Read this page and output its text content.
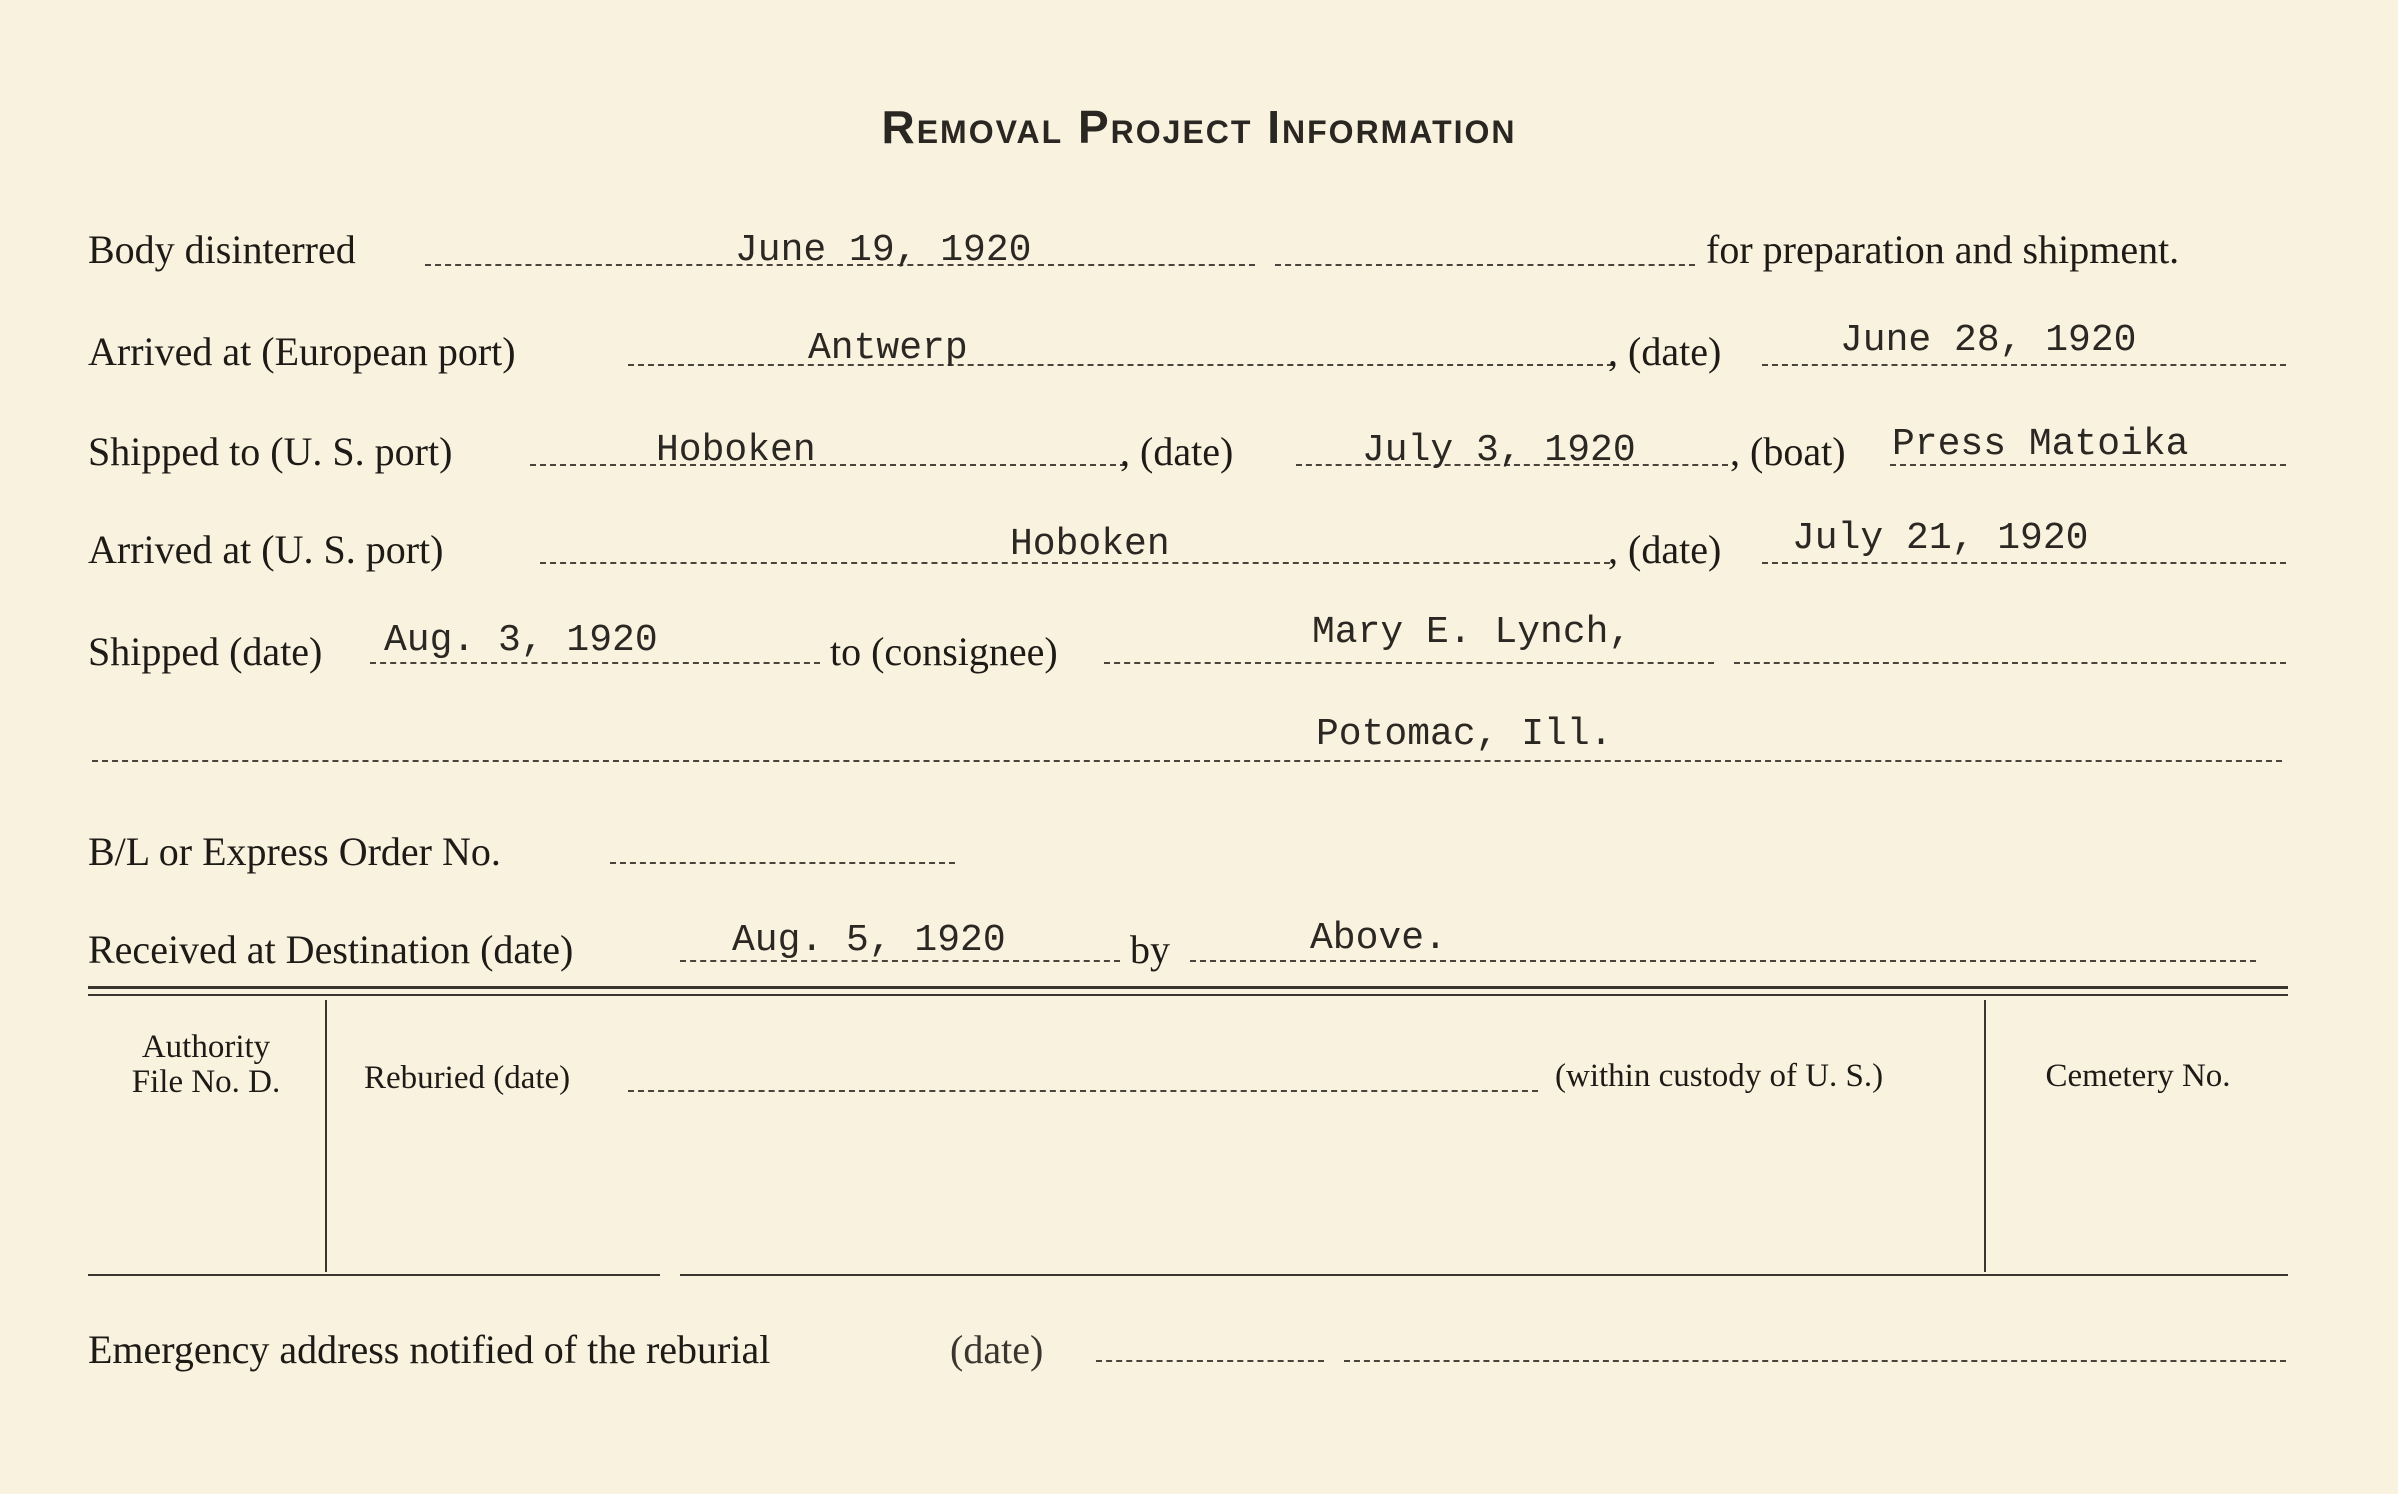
Removal Project Information
Body disinterred	June 19, 1920	for preparation and shipment.
Arrived at (European port)	Antwerp	, (date)	June 28, 1920
Shipped to (U. S. port)	Hoboken	, (date)	July 3, 1920 , (boat) Press Matoika
Arrived at (U. S. port)	Hoboken	, (date) July 21, 1920
Shipped (date) Aug. 3, 1920	to (consignee)	Mary E. Lynch,
Potomac, Ill.
B/L or Express Order No.
Received at Destination (date)	Aug. 5, 1920	by	Above.
Authority
File No. D.	Reburied (date)	(within custody of U. S.)	Cemetery No.
Emergency address notified of the reburial	(date)
